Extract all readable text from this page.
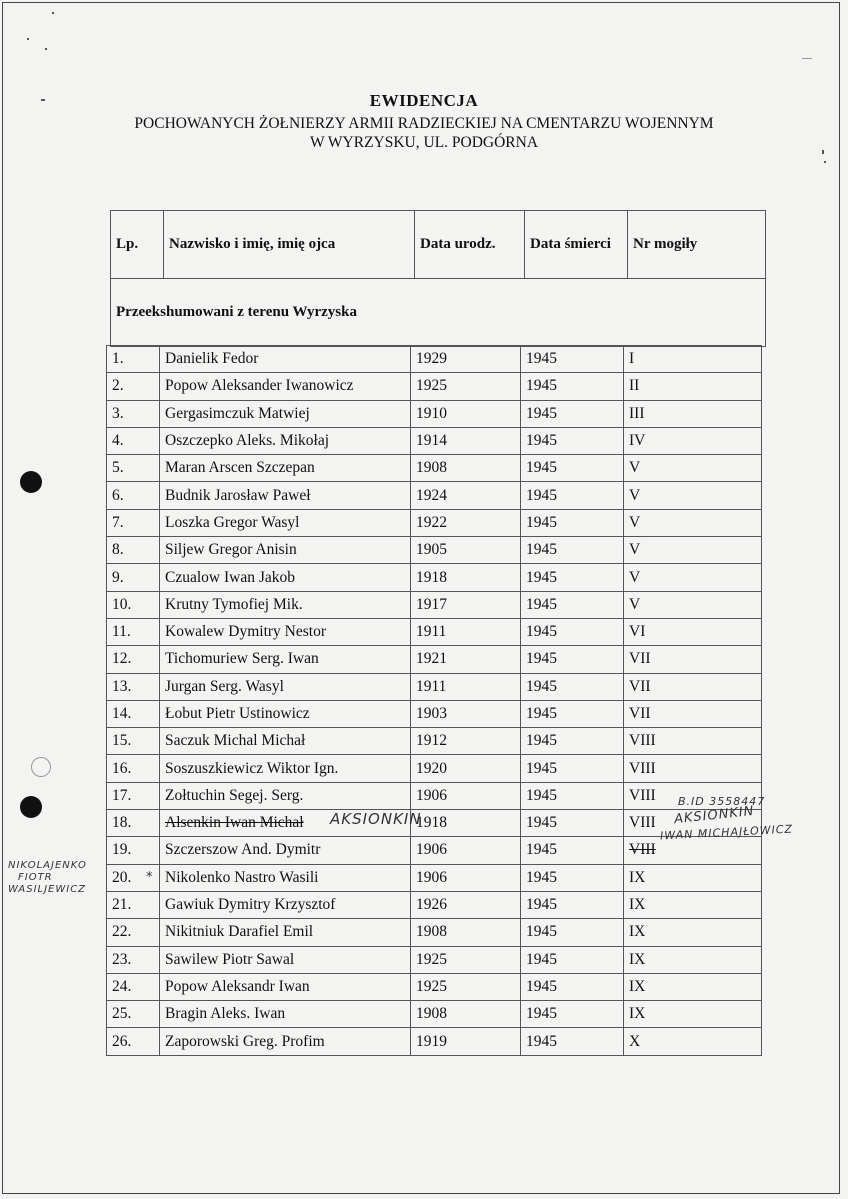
EWIDENCJA
POCHOWANYCH ŻOŁNIERZY ARMII RADZIECKIEJ NA CMENTARZU WOJENNYM
W WYRZYSKU, UL. PODGÓRNA
Lp.	Nazwisko i imię, imię ojca	Data urodz.	Data śmierci	Nr mogiły
Przeekshumowani z terenu Wyrzyska
1.	Danielik Fedor	1929	1945	I
2.	Popow Aleksander Iwanowicz	1925	1945	II
3.	Gergasimczuk Matwiej	1910	1945	III
4.	Oszczepko Aleks. Mikołaj	1914	1945	IV
5.	Maran Arscen Szczepan	1908	1945	V
6.	Budnik Jarosław Paweł	1924	1945	V
7.	Loszka Gregor Wasyl	1922	1945	V
8.	Siljew Gregor Anisin	1905	1945	V
9.	Czualow Iwan Jakob	1918	1945	V
10.	Krutny Tymofiej Mik.	1917	1945	V
11.	Kowalew Dymitry Nestor	1911	1945	VI
12.	Tichomuriew Serg. Iwan	1921	1945	VII
13.	Jurgan Serg. Wasyl	1911	1945	VII
14.	Łobut Pietr Ustinowicz	1903	1945	VII
15.	Saczuk Michal Michał	1912	1945	VIII
16.	Soszuszkiewicz Wiktor Ign.	1920	1945	VIII
17.	Zołtuchin Segej. Serg.	1906	1945	VIII
18.	Alsenkin Iwan Michał	1918	1945	VIII
19.	Szczerszow And. Dymitr	1906	1945	VIII
20.	Nikolenko Nastro Wasili	1906	1945	IX
21.	Gawiuk Dymitry Krzysztof	1926	1945	IX
22.	Nikitniuk Darafiel Emil	1908	1945	IX
23.	Sawilew Piotr Sawal	1925	1945	IX
24.	Popow Aleksandr Iwan	1925	1945	IX
25.	Bragin Aleks. Iwan	1908	1945	IX
26.	Zaporowski Greg. Profim	1919	1945	X
AKSIONKIN
B.ID 3558447
AKSIONKIN
IWAN MICHAJŁOWICZ
NIKOLAJENKO
FIOTR
WASILJEWICZ
*
